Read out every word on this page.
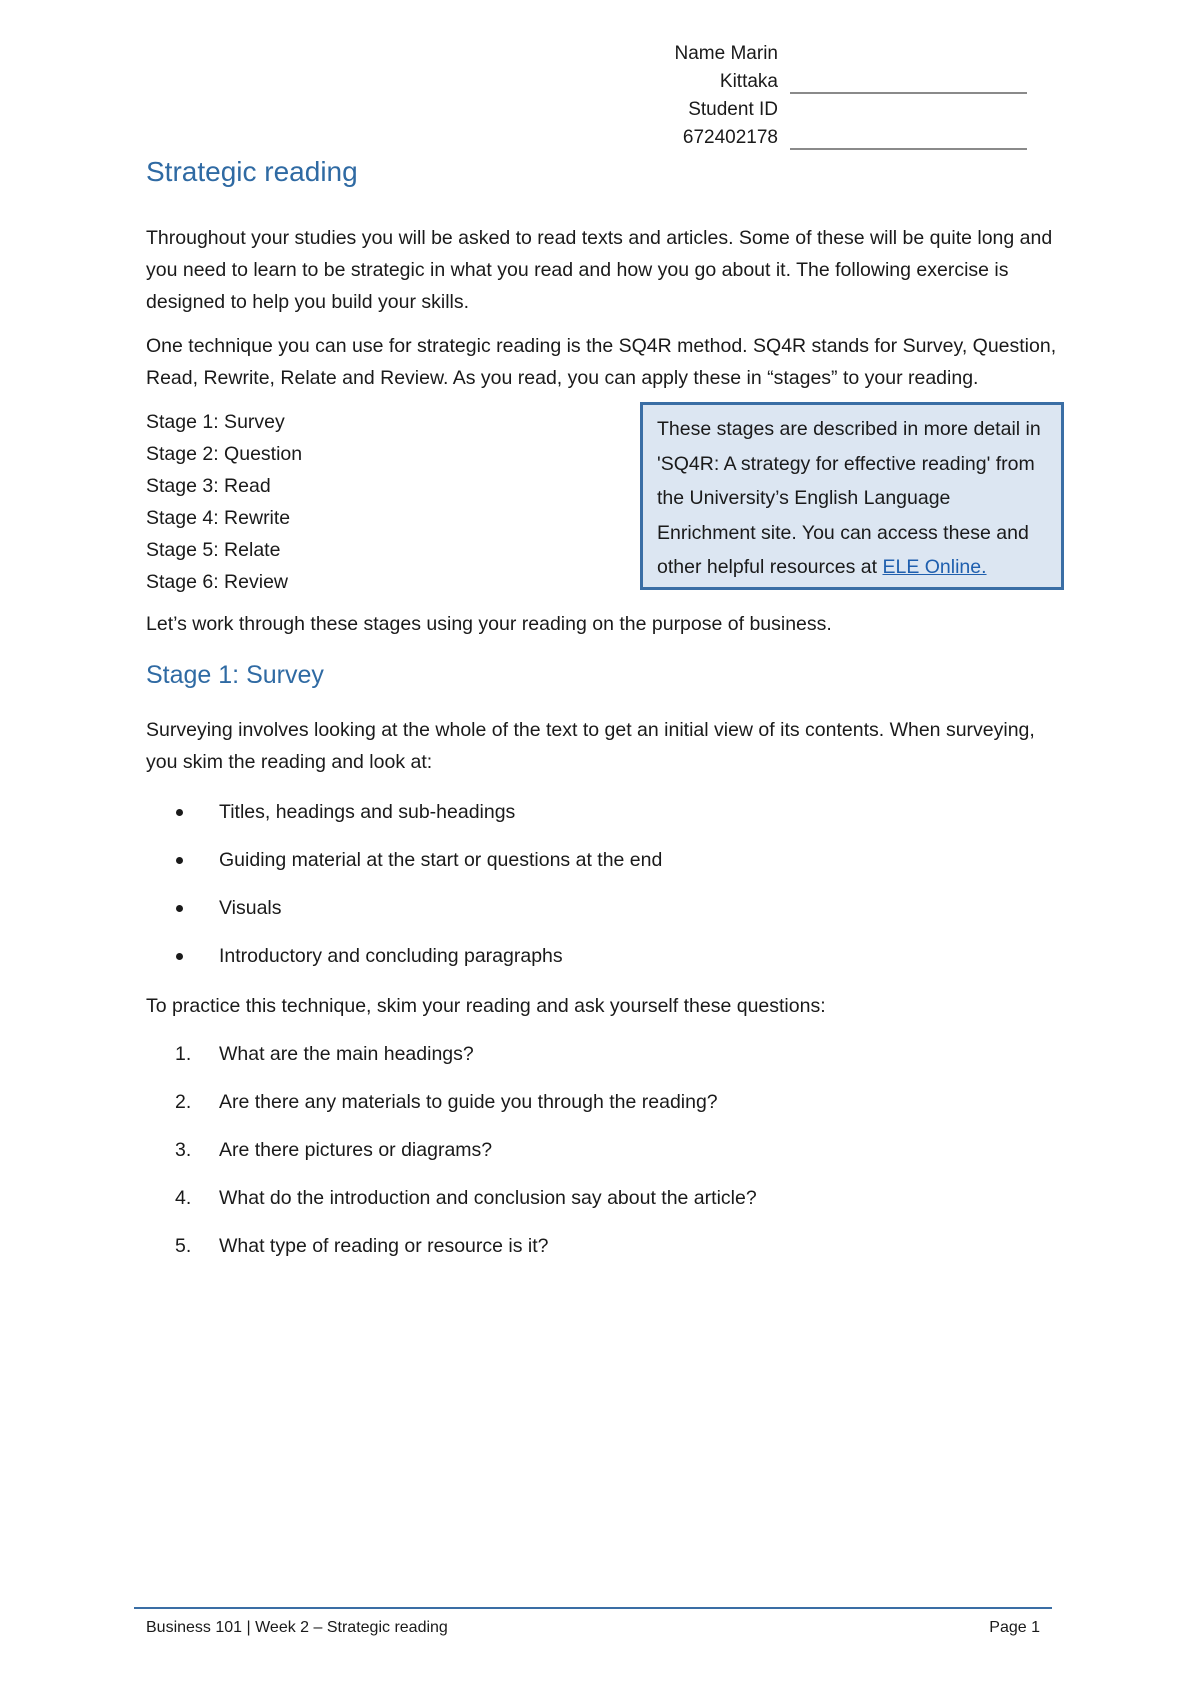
Name Marin
Kittaka
Student ID
672402178
Strategic reading

Throughout your studies you will be asked to read texts and articles. Some of these will be quite long and you need to learn to be strategic in what you read and how you go about it. The following exercise is designed to help you build your skills.

One technique you can use for strategic reading is the SQ4R method. SQ4R stands for Survey, Question, Read, Rewrite, Relate and Review. As you read, you can apply these in “stages” to your reading.

Stage 1: Survey
Stage 2: Question
Stage 3: Read
Stage 4: Rewrite
Stage 5: Relate
Stage 6: Review
These stages are described in more detail in 'SQ4R: A strategy for effective reading' from the University’s English Language Enrichment site. You can access these and other helpful resources at ELE Online.

Let’s work through these stages using your reading on the purpose of business.

Stage 1: Survey

Surveying involves looking at the whole of the text to get an initial view of its contents. When surveying, you skim the reading and look at:

Titles, headings and sub-headings
Guiding material at the start or questions at the end
Visuals
Introductory and concluding paragraphs

To practice this technique, skim your reading and ask yourself these questions:

1. What are the main headings?
2. Are there any materials to guide you through the reading?
3. Are there pictures or diagrams?
4. What do the introduction and conclusion say about the article?
5. What type of reading or resource is it?
Business 101 | Week 2 – Strategic reading	Page 1
